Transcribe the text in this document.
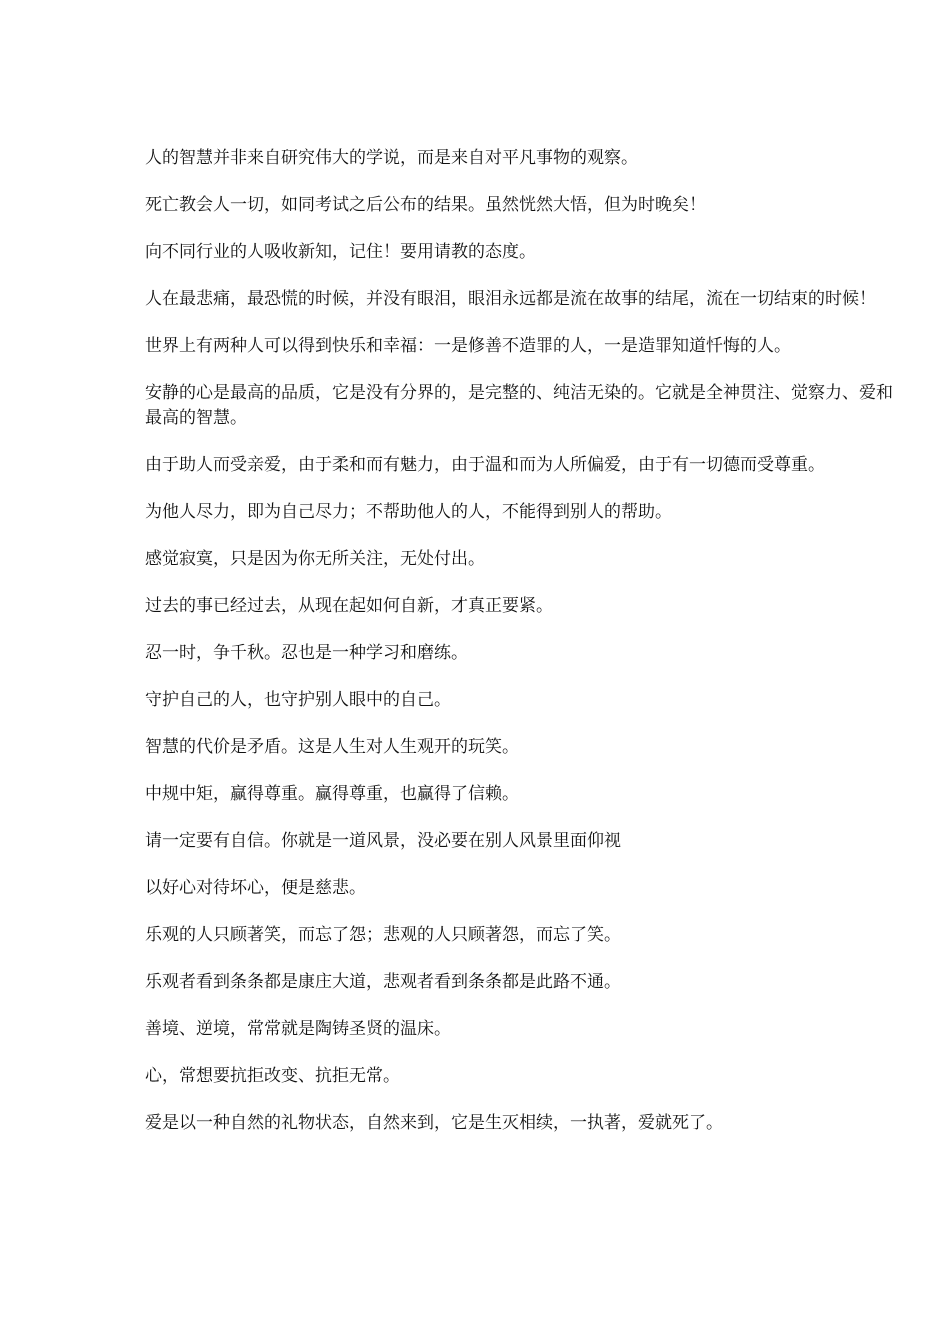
人的智慧并非来自研究伟大的学说，而是来自对平凡事物的观察。

死亡教会人一切，如同考试之后公布的结果。虽然恍然大悟，但为时晚矣！

向不同行业的人吸收新知，记住！要用请教的态度。

人在最悲痛，最恐慌的时候，并没有眼泪，眼泪永远都是流在故事的结尾，流在一切结束的时候！

世界上有两种人可以得到快乐和幸福：一是修善不造罪的人，一是造罪知道忏悔的人。

安静的心是最高的品质，它是没有分界的，是完整的、纯洁无染的。它就是全神贯注、觉察力、爱和最高的智慧。

由于助人而受亲爱，由于柔和而有魅力，由于温和而为人所偏爱，由于有一切德而受尊重。

为他人尽力，即为自己尽力；不帮助他人的人，不能得到别人的帮助。

感觉寂寞，只是因为你无所关注，无处付出。

过去的事已经过去，从现在起如何自新，才真正要紧。

忍一时，争千秋。忍也是一种学习和磨练。

守护自己的人，也守护别人眼中的自己。

智慧的代价是矛盾。这是人生对人生观开的玩笑。

中规中矩，赢得尊重。赢得尊重，也赢得了信赖。

请一定要有自信。你就是一道风景，没必要在别人风景里面仰视

以好心对待坏心，便是慈悲。

乐观的人只顾著笑，而忘了怨；悲观的人只顾著怨，而忘了笑。

乐观者看到条条都是康庄大道，悲观者看到条条都是此路不通。

善境、逆境，常常就是陶铸圣贤的温床。

心，常想要抗拒改变、抗拒无常。

爱是以一种自然的礼物状态，自然来到，它是生灭相续，一执著，爱就死了。
